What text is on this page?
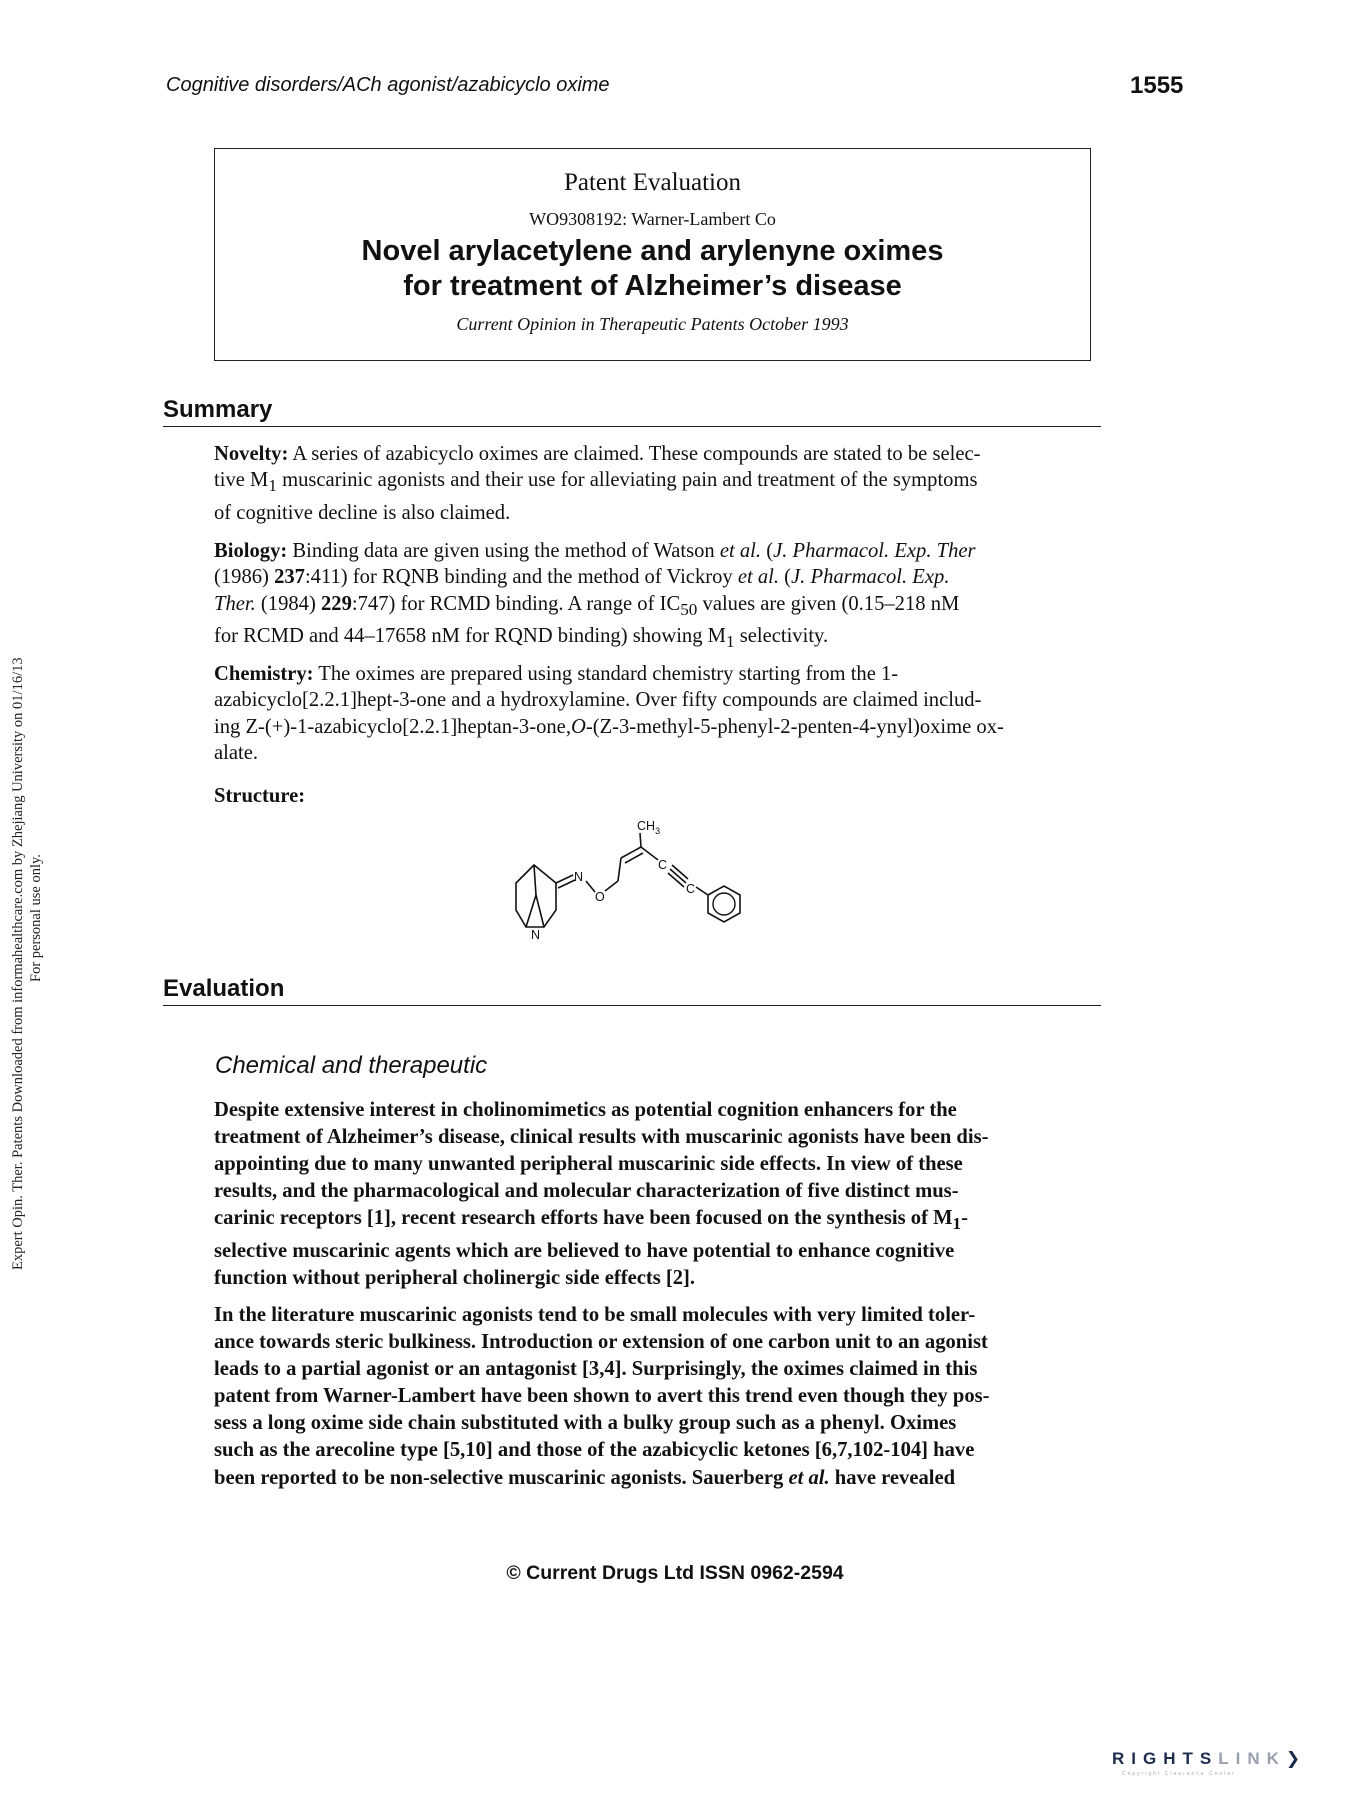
Cognitive disorders/ACh agonist/azabicyclo oxime	1555
Expert Opin. Ther. Patents Downloaded from informahealthcare.com by Zhejiang University on 01/16/13 For personal use only.
Patent Evaluation
WO9308192: Warner-Lambert Co
Novel arylacetylene and arylenyne oximes
for treatment of Alzheimer’s disease
Current Opinion in Therapeutic Patents October 1993
Summary
Novelty: A series of azabicyclo oximes are claimed. These compounds are stated to be selec-
tive $M_1$ muscarinic agonists and their use for alleviating pain and treatment of the symptoms
of cognitive decline is also claimed.
Biology: Binding data are given using the method of Watson et al. (J. Pharmacol. Exp. Ther
(1986) 237:411) for RQNB binding and the method of Vickroy et al. (J. Pharmacol. Exp.
Ther. (1984) 229:747) for RCMD binding. A range of $IC_{50}$ values are given (0.15–218 nM
for RCMD and 44–17658 nM for RQND binding) showing $M_1$ selectivity.
Chemistry: The oximes are prepared using standard chemistry starting from the 1-
azabicyclo[2.2.1]hept-3-one and a hydroxylamine. Over fifty compounds are claimed includ-
ing Z-(+)-1-azabicyclo[2.2.1]heptan-3-one,O-(Z-3-methyl-5-phenyl-2-penten-4-ynyl)oxime ox-
alate.
Structure:
$CH_3$
N
O
C
C
N
Evaluation
Chemical and therapeutic
Despite extensive interest in cholinomimetics as potential cognition enhancers for the
treatment of Alzheimer’s disease, clinical results with muscarinic agonists have been dis-
appointing due to many unwanted peripheral muscarinic side effects. In view of these
results, and the pharmacological and molecular characterization of five distinct mus-
carinic receptors [1], recent research efforts have been focused on the synthesis of $M_1-$
selective muscarinic agents which are believed to have potential to enhance cognitive
function without peripheral cholinergic side effects [2].
In the literature muscarinic agonists tend to be small molecules with very limited toler-
ance towards steric bulkiness. Introduction or extension of one carbon unit to an agonist
leads to a partial agonist or an antagonist [3,4]. Surprisingly, the oximes claimed in this
patent from Warner-Lambert have been shown to avert this trend even though they pos-
sess a long oxime side chain substituted with a bulky group such as a phenyl. Oximes
such as the arecoline type [5,10] and those of the azabicyclic ketones [6,7,102-104] have
been reported to be non-selective muscarinic agonists. Sauerberg et al. have revealed
© Current Drugs Ltd ISSN 0962-2594
RIGHTSLINK❯
Copyright Clearance Center
